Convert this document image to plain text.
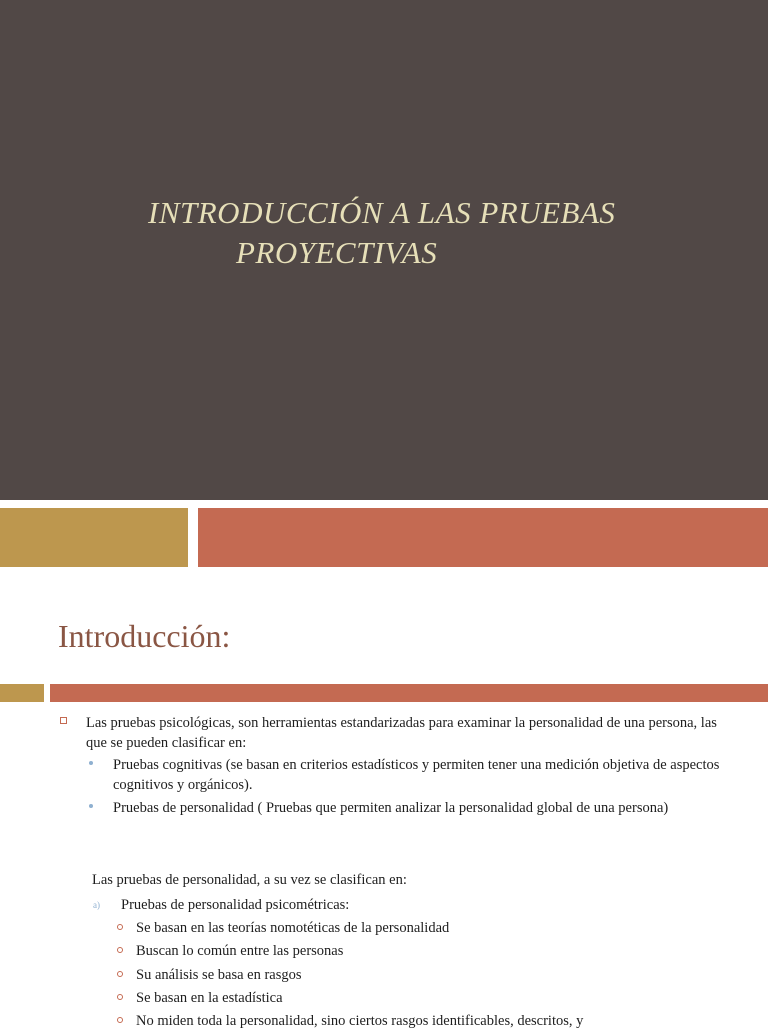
INTRODUCCIÓN A LAS PRUEBAS
PROYECTIVAS
Introducción:
Las pruebas psicológicas, son herramientas estandarizadas para examinar la personalidad de una persona, las que se pueden clasificar en:
Pruebas cognitivas (se basan en criterios estadísticos y permiten tener una medición objetiva de aspectos cognitivos y orgánicos).
Pruebas de personalidad ( Pruebas que permiten analizar la personalidad global de una persona)
Las pruebas de personalidad, a su vez se clasifican en:
a) Pruebas de personalidad psicométricas:
Se basan en las teorías nomotéticas de la personalidad
Buscan lo común entre las personas
Su análisis se basa en rasgos
Se basan en la estadística
No miden toda la personalidad, sino ciertos rasgos identificables, descritos, y
